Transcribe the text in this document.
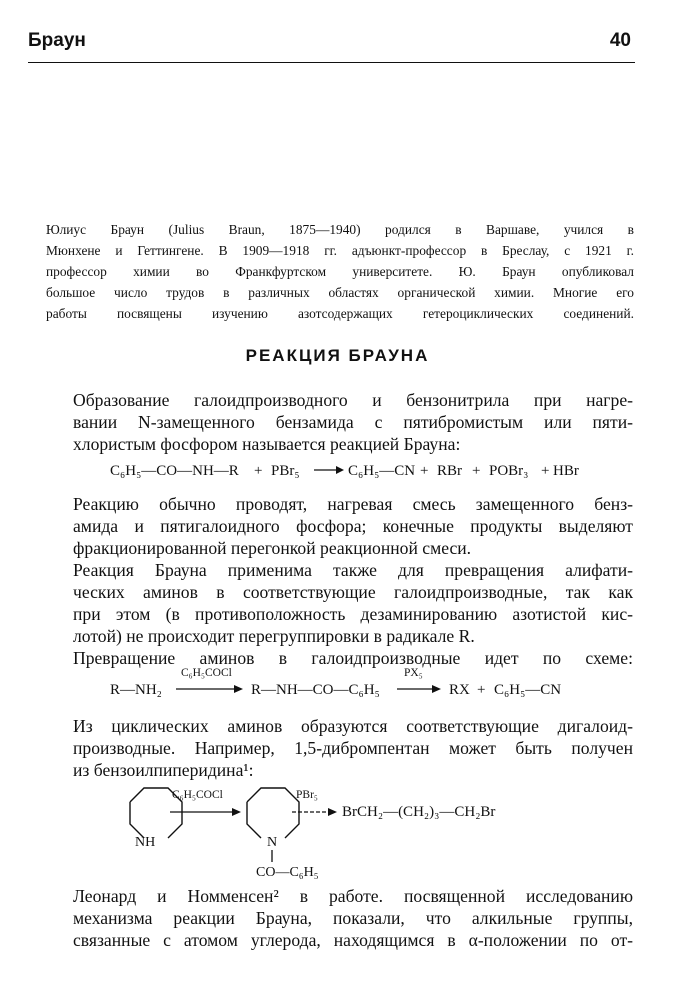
Браун	40
Юлиус Браун (Julius Braun, 1875—1940) родился в Варшаве, учился в
Мюнхене и Геттингене. В 1909—1918 гг. адъюнкт-профессор в Бреслау, с 1921 г.
профессор химии во Франкфуртском университете. Ю. Браун опубликовал
большое число трудов в различных областях органической химии. Многие его
работы посвящены изучению азотсодержащих гетероциклических соединений.
РЕАКЦИЯ БРАУНА
Образование галоидпроизводного и бензонитрила при нагре-
вании N-замещенного бензамида с пятибромистым или пяти-
хлористым фосфором называется реакцией Брауна:
C₆H₅—CO—NH—R + PBr₅	C₆H₅—CN + RBr + POBr₃ + HBr
Реакцию обычно проводят, нагревая смесь замещенного бенз-
амида и пятигалоидного фосфора; конечные продукты выделяют
фракционированной перегонкой реакционной смеси.
Реакция Брауна применима также для превращения алифати-
ческих аминов в соответствующие галоидпроизводные, так как
при этом (в противоположность дезаминированию азотистой кис-
лотой) не происходит перегруппировки в радикале R.
Превращение аминов в галоидпроизводные идет по схеме:
R—NH₂
C₆H₅COCl
R—NH—CO—C₆H₅
PX₅
RX + C₆H₅—CN
Из циклических аминов образуются соответствующие дигалоид-
производные. Например, 1,5-дибромпентан может быть получен
из бензоилпиперидина¹:
NH
C₆H₅COCl
N
CO—C₆H₅
PBr₅
BrCH₂—(CH₂)₃—CH₂Br
Леонард и Номменсен² в работе. посвященной исследованию
механизма реакции Брауна, показали, что алкильные группы,
связанные с атомом углерода, находящимся в α-положении по от-
